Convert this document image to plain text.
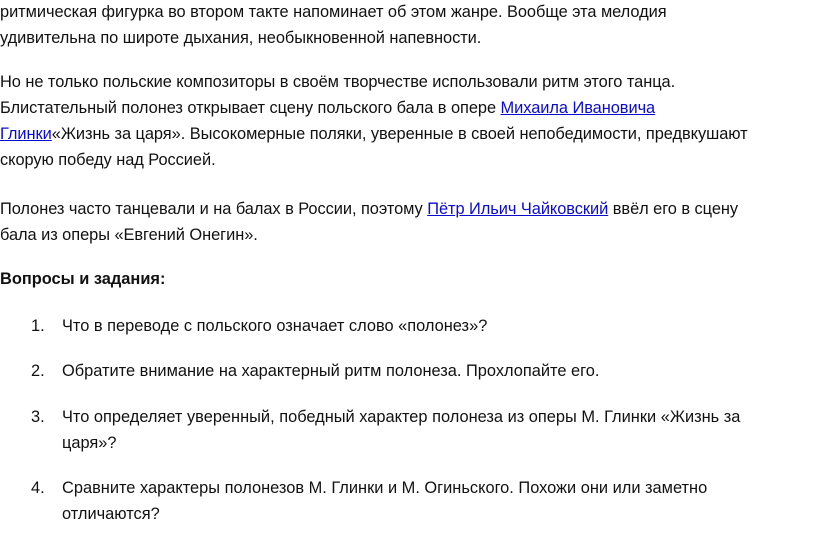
ритмическая фигурка во втором такте напоминает об этом жанре. Вообще эта мелодия
удивительна по широте дыхания, необыкновенной напевности.

Но не только польские композиторы в своём творчестве использовали ритм этого танца.
Блистательный полонез открывает сцену польского бала в опере Михаила Ивановича
Глинки«Жизнь за царя». Высокомерные поляки, уверенные в своей непобедимости, предвкушают
скорую победу над Россией.

Полонез часто танцевали и на балах в России, поэтому Пётр Ильич Чайковский ввёл его в сцену
бала из оперы «Евгений Онегин».

Вопросы и задания:

1. Что в переводе с польского означает слово «полонез»?
2. Обратите внимание на характерный ритм полонеза. Прохлопайте его.
3. Что определяет уверенный, победный характер полонеза из оперы М. Глинки «Жизнь за
царя»?
4. Сравните характеры полонезов М. Глинки и М. Огиньского. Похожи они или заметно
отличаются?
